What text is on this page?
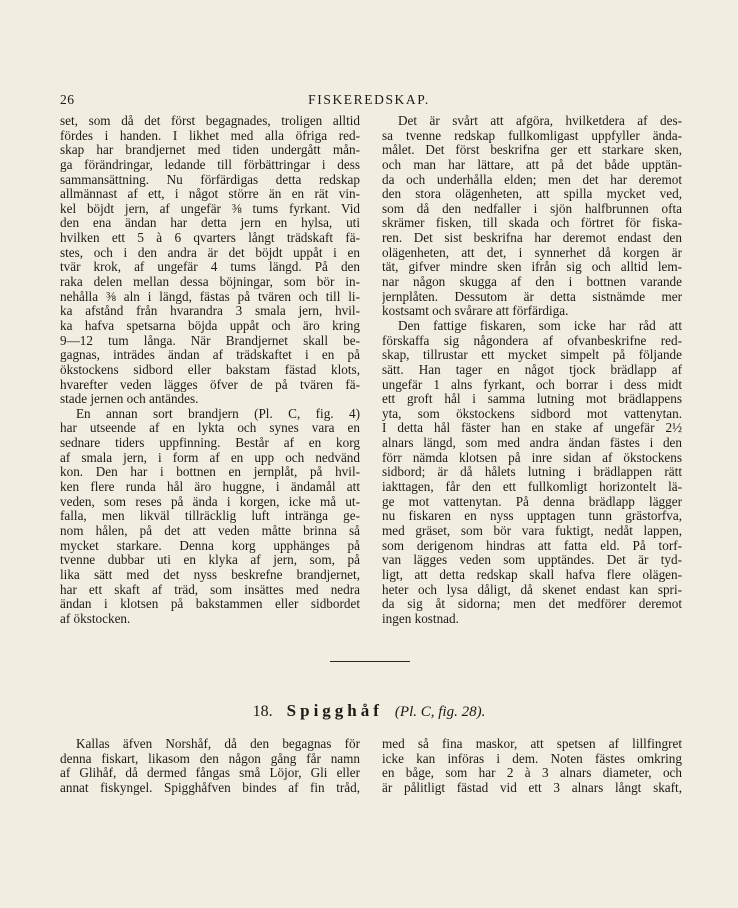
26	FISKEREDSKAP.
set, som då det först begagnades, troligen alltid
fördes i handen. I likhet med alla öfriga red-
skap har brandjernet med tiden undergått mån-
ga förändringar, ledande till förbättringar i dess
sammansättning. Nu förfärdigas detta redskap
allmännast af ett, i något större än en rät vin-
kel böjdt jern, af ungefär ⅜ tums fyrkant. Vid
den ena ändan har detta jern en hylsa, uti
hvilken ett 5 à 6 qvarters långt trädskaft fä-
stes, och i den andra är det böjdt uppåt i en
tvär krok, af ungefär 4 tums längd. På den
raka delen mellan dessa böjningar, som bör in-
nehålla ⅜ aln i längd, fästas på tvären och till li-
ka afstånd från hvarandra 3 smala jern, hvil-
ka hafva spetsarna böjda uppåt och äro kring
9—12 tum långa. När Brandjernet skall be-
gagnas, inträdes ändan af trädskaftet i en på
ökstockens sidbord eller bakstam fästad klots,
hvarefter veden lägges öfver de på tvären fä-
stade jernen och antändes.
En annan sort brandjern (Pl. C, fig. 4)
har utseende af en lykta och synes vara en
sednare tiders uppfinning. Består af en korg
af smala jern, i form af en upp och nedvänd
kon. Den har i bottnen en jernplåt, på hvil-
ken flere runda hål äro huggne, i ändamål att
veden, som reses på ända i korgen, icke må ut-
falla, men likväl tillräcklig luft intränga ge-
nom hålen, på det att veden måtte brinna så
mycket starkare. Denna korg upphänges på
tvenne dubbar uti en klyka af jern, som, på
lika sätt med det nyss beskrefne brandjernet,
har ett skaft af träd, som insättes med nedra
ändan i klotsen på bakstammen eller sidbordet
af ökstocken.
Det är svårt att afgöra, hvilketdera af des-
sa tvenne redskap fullkomligast uppfyller ända-
målet. Det först beskrifna ger ett starkare sken,
och man har lättare, att på det både upptän-
da och underhålla elden; men det har deremot
den stora olägenheten, att spilla mycket ved,
som då den nedfaller i sjön halfbrunnen ofta
skrämer fisken, till skada och förtret för fiska-
ren. Det sist beskrifna har deremot endast den
olägenheten, att det, i synnerhet då korgen är
tät, gifver mindre sken ifrån sig och alltid lem-
nar någon skugga af den i bottnen varande
jernplåten. Dessutom är detta sistnämde mer
kostsamt och svårare att förfärdiga.
Den fattige fiskaren, som icke har råd att
förskaffa sig någondera af ofvanbeskrifne red-
skap, tillrustar ett mycket simpelt på följande
sätt. Han tager en något tjock brädlapp af
ungefär 1 alns fyrkant, och borrar i dess midt
ett groft hål i samma lutning mot brädlappens
yta, som ökstockens sidbord mot vattenytan.
I detta hål fäster han en stake af ungefär 2½
alnars längd, som med andra ändan fästes i den
förr nämda klotsen på inre sidan af ökstockens
sidbord; är då hålets lutning i brädlappen rätt
iakttagen, får den ett fullkomligt horizontelt lä-
ge mot vattenytan. På denna brädlapp lägger
nu fiskaren en nyss upptagen tunn grästorfva,
med gräset, som bör vara fuktigt, nedåt lappen,
som derigenom hindras att fatta eld. På torf-
van lägges veden som upptändes. Det är tyd-
ligt, att detta redskap skall hafva flere olägen-
heter och lysa dåligt, då skenet endast kan spri-
da sig åt sidorna; men det medförer deremot
ingen kostnad.
18. Spigghåf (Pl. C, fig. 28).
Kallas äfven Norshåf, då den begagnas för
denna fiskart, likasom den någon gång får namn
af Glihåf, då dermed fångas små Löjor, Gli eller
annat fiskyngel. Spigghåfven bindes af fin tråd,
med så fina maskor, att spetsen af lillfingret
icke kan införas i dem. Noten fästes omkring
en båge, som har 2 à 3 alnars diameter, och
är pålitligt fästad vid ett 3 alnars långt skaft,
